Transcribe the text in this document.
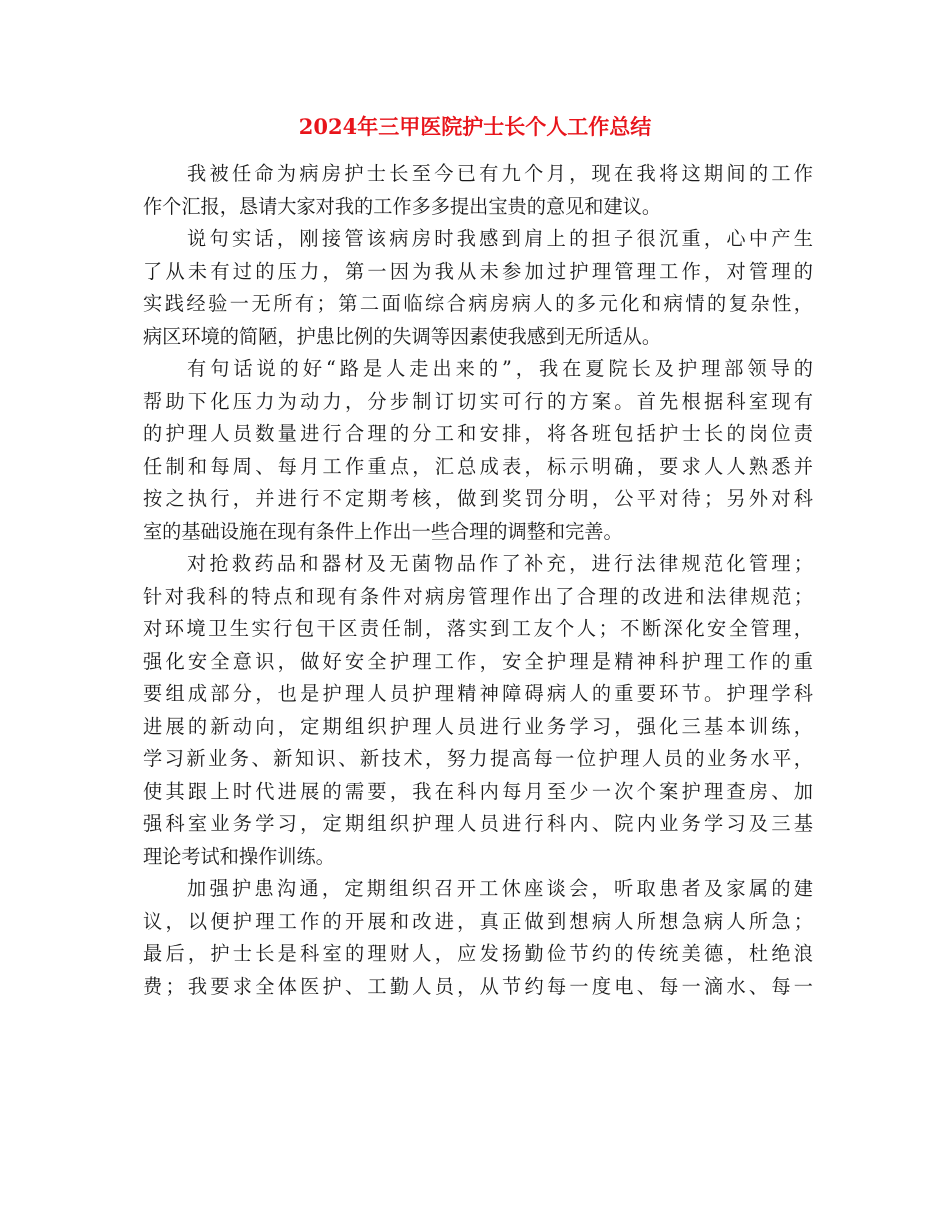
2024年三甲医院护士长个人工作总结
我被任命为病房护士长至今已有九个月，现在我将这期间的工作
作个汇报，恳请大家对我的工作多多提出宝贵的意见和建议。
说句实话，刚接管该病房时我感到肩上的担子很沉重，心中产生
了从未有过的压力，第一因为我从未参加过护理管理工作，对管理的
实践经验一无所有；第二面临综合病房病人的多元化和病情的复杂性，
病区环境的简陋，护患比例的失调等因素使我感到无所适从。
有句话说的好“路是人走出来的”，我在夏院长及护理部领导的
帮助下化压力为动力，分步制订切实可行的方案。首先根据科室现有
的护理人员数量进行合理的分工和安排，将各班包括护士长的岗位责
任制和每周、每月工作重点，汇总成表，标示明确，要求人人熟悉并
按之执行，并进行不定期考核，做到奖罚分明，公平对待；另外对科
室的基础设施在现有条件上作出一些合理的调整和完善。
对抢救药品和器材及无菌物品作了补充，进行法律规范化管理；
针对我科的特点和现有条件对病房管理作出了合理的改进和法律规范；
对环境卫生实行包干区责任制，落实到工友个人；不断深化安全管理，
强化安全意识，做好安全护理工作，安全护理是精神科护理工作的重
要组成部分，也是护理人员护理精神障碍病人的重要环节。护理学科
进展的新动向，定期组织护理人员进行业务学习，强化三基本训练，
学习新业务、新知识、新技术，努力提高每一位护理人员的业务水平，
使其跟上时代进展的需要，我在科内每月至少一次个案护理查房、加
强科室业务学习，定期组织护理人员进行科内、院内业务学习及三基
理论考试和操作训练。
加强护患沟通，定期组织召开工休座谈会，听取患者及家属的建
议，以便护理工作的开展和改进，真正做到想病人所想急病人所急；
最后，护士长是科室的理财人，应发扬勤俭节约的传统美德，杜绝浪
费；我要求全体医护、工勤人员，从节约每一度电、每一滴水、每一
